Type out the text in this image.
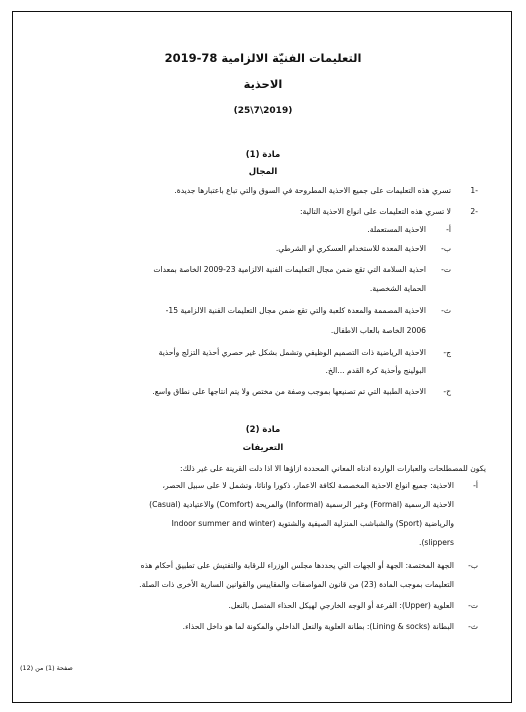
التعليمات الفنيّة الالزامية 78-2019
الاحذية
(2019\7\25)
مادة (1)
المجال
-1
تسري هذه التعليمات على جميع الاحذية المطروحة في السوق والتي تباع باعتبارها جديدة.
-2
لا تسري هذه التعليمات على انواع الاحذية التالية:
أ-
الاحذية المستعملة.
ب-
الاحذية المعدة للاستخدام العسكري او الشرطي.
ت-
احذية السلامة التي تقع ضمن مجال التعليمات الفنية الالزامية 23-2009 الخاصة بمعدات
الحماية الشخصية.
ث-
الاحذية المصممة والمعدة كلعبة والتي تقع ضمن مجال التعليمات الفنية الالزامية 15-
2006 الخاصة بالعاب الاطفال.
ج-
الاحذية الرياضية ذات التصميم الوظيفي وتشمل بشكل غير حصري أحذية التزلج وأحذية
البولينج وأحذية كرة القدم ...الخ.
ح-
الاحذية الطبية التي تم تصنيعها بموجب وصفة من مختص ولا يتم انتاجها على نطاق واسع.
مادة (2)
التعريفات
يكون للمصطلحات والعبارات الواردة ادناه المعاني المحددة ازاؤها الا اذا دلت القرينة على غير ذلك:
أ-
الاحذية: جميع انواع الاحذية المخصصة لكافة الاعمار، ذكورا واناثا، وتشمل لا على سبيل الحصر،
الاحذية الرسمية (Formal) وغير الرسمية (Informal) والمريحة (Comfort) والاعتيادية (Casual)
والرياضية (Sport) والشباشب المنزلية الصيفية والشتوية (Indoor summer and winter
slippers).
ب-
الجهة المختصة: الجهة أو الجهات التي يحددها مجلس الوزراء للرقابة والتفتيش على تطبيق أحكام هذه
التعليمات بموجب المادة (23) من قانون المواصفات والمقاييس والقوانين السارية الأخرى ذات الصلة.
ت-
العلوية (Upper): الفرعة أو الوجه الخارجي لهيكل الحذاء المتصل بالنعل.
ث-
البطانة (Lining & socks): بطانة العلوية والنعل الداخلي والمكونة لما هو داخل الحذاء.
صفحة (1) من (12)
